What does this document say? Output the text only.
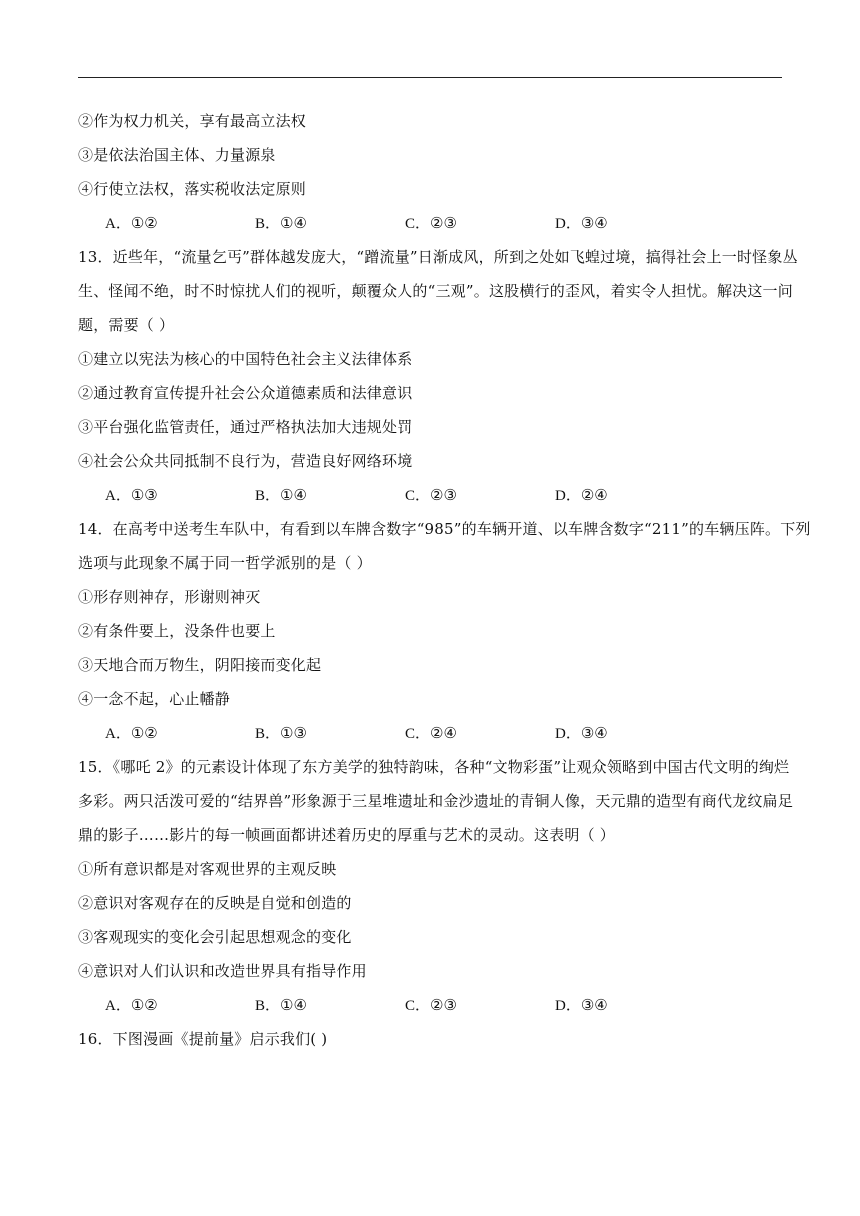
②作为权力机关，享有最高立法权
③是依法治国主体、力量源泉
④行使立法权，落实税收法定原则
A．①②	B．①④	C．②③	D．③④
13．近些年，“流量乞丐”群体越发庞大，“蹭流量”日渐成风，所到之处如飞蝗过境，搞得社会上一时怪象丛
生、怪闻不绝，时不时惊扰人们的视听，颠覆众人的“三观”。这股横行的歪风，着实令人担忧。解决这一问
题，需要（ ）
①建立以宪法为核心的中国特色社会主义法律体系
②通过教育宣传提升社会公众道德素质和法律意识
③平台强化监管责任，通过严格执法加大违规处罚
④社会公众共同抵制不良行为，营造良好网络环境
A．①③	B．①④	C．②③	D．②④
14．在高考中送考生车队中，有看到以车牌含数字“985”的车辆开道、以车牌含数字“211”的车辆压阵。下列
选项与此现象不属于同一哲学派别的是（ ）
①形存则神存，形谢则神灭
②有条件要上，没条件也要上
③天地合而万物生，阴阳接而变化起
④一念不起，心止幡静
A．①②	B．①③	C．②④	D．③④
15．《哪吒 2》的元素设计体现了东方美学的独特韵味，各种“文物彩蛋”让观众领略到中国古代文明的绚烂
多彩。两只活泼可爱的“结界兽”形象源于三星堆遗址和金沙遗址的青铜人像，天元鼎的造型有商代龙纹扁足
鼎的影子……影片的每一帧画面都讲述着历史的厚重与艺术的灵动。这表明（ ）
①所有意识都是对客观世界的主观反映
②意识对客观存在的反映是自觉和创造的
③客观现实的变化会引起思想观念的变化
④意识对人们认识和改造世界具有指导作用
A．①②	B．①④	C．②③	D．③④
16．下图漫画《提前量》启示我们( )
